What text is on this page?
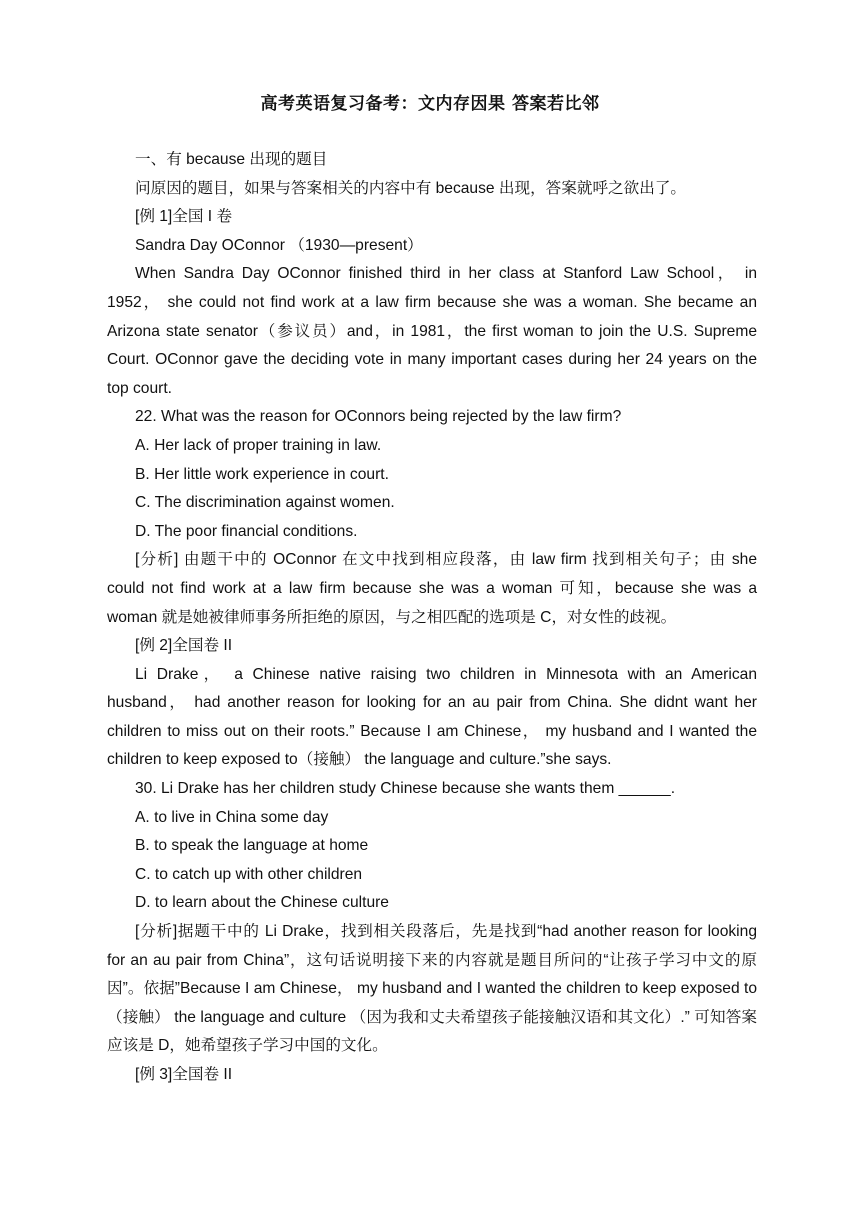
高考英语复习备考：文内存因果 答案若比邻

一、有 because 出现的题目

问原因的题目，如果与答案相关的内容中有 because 出现，答案就呼之欲出了。

[例 1]全国 I 卷

Sandra Day OConnor （1930—present）

When Sandra Day OConnor finished third in her class at Stanford Law School， in 1952， she could not find work at a law firm because she was a woman. She became an Arizona state senator（参议员）and，in 1981，the first woman to join the U.S. Supreme Court. OConnor gave the deciding vote in many important cases during her 24 years on the top court.

22. What was the reason for OConnors being rejected by the law firm?

A. Her lack of proper training in law.

B. Her little work experience in court.

C. The discrimination against women.

D. The poor financial conditions.

[分析] 由题干中的 OConnor 在文中找到相应段落，由 law firm 找到相关句子；由 she could not find work at a law firm because she was a woman 可知，because she was a woman 就是她被律师事务所拒绝的原因，与之相匹配的选项是 C，对女性的歧视。

[例 2]全国卷 II

Li Drake， a Chinese native raising two children in Minnesota with an American husband， had another reason for looking for an au pair from China. She didnt want her children to miss out on their roots.” Because I am Chinese， my husband and I wanted the children to keep exposed to（接触） the language and culture.”she says.

30. Li Drake has her children study Chinese because she wants them ______.

A. to live in China some day

B. to speak the language at home

C. to catch up with other children

D. to learn about the Chinese culture

[分析]据题干中的 Li Drake，找到相关段落后，先是找到“had another reason for looking for an au pair from China”，这句话说明接下来的内容就是题目所问的“让孩子学习中文的原因”。依据”Because I am Chinese， my husband and I wanted the children to keep exposed to（接触） the language and culture （因为我和丈夫希望孩子能接触汉语和其文化）.” 可知答案应该是 D，她希望孩子学习中国的文化。

[例 3]全国卷 II
